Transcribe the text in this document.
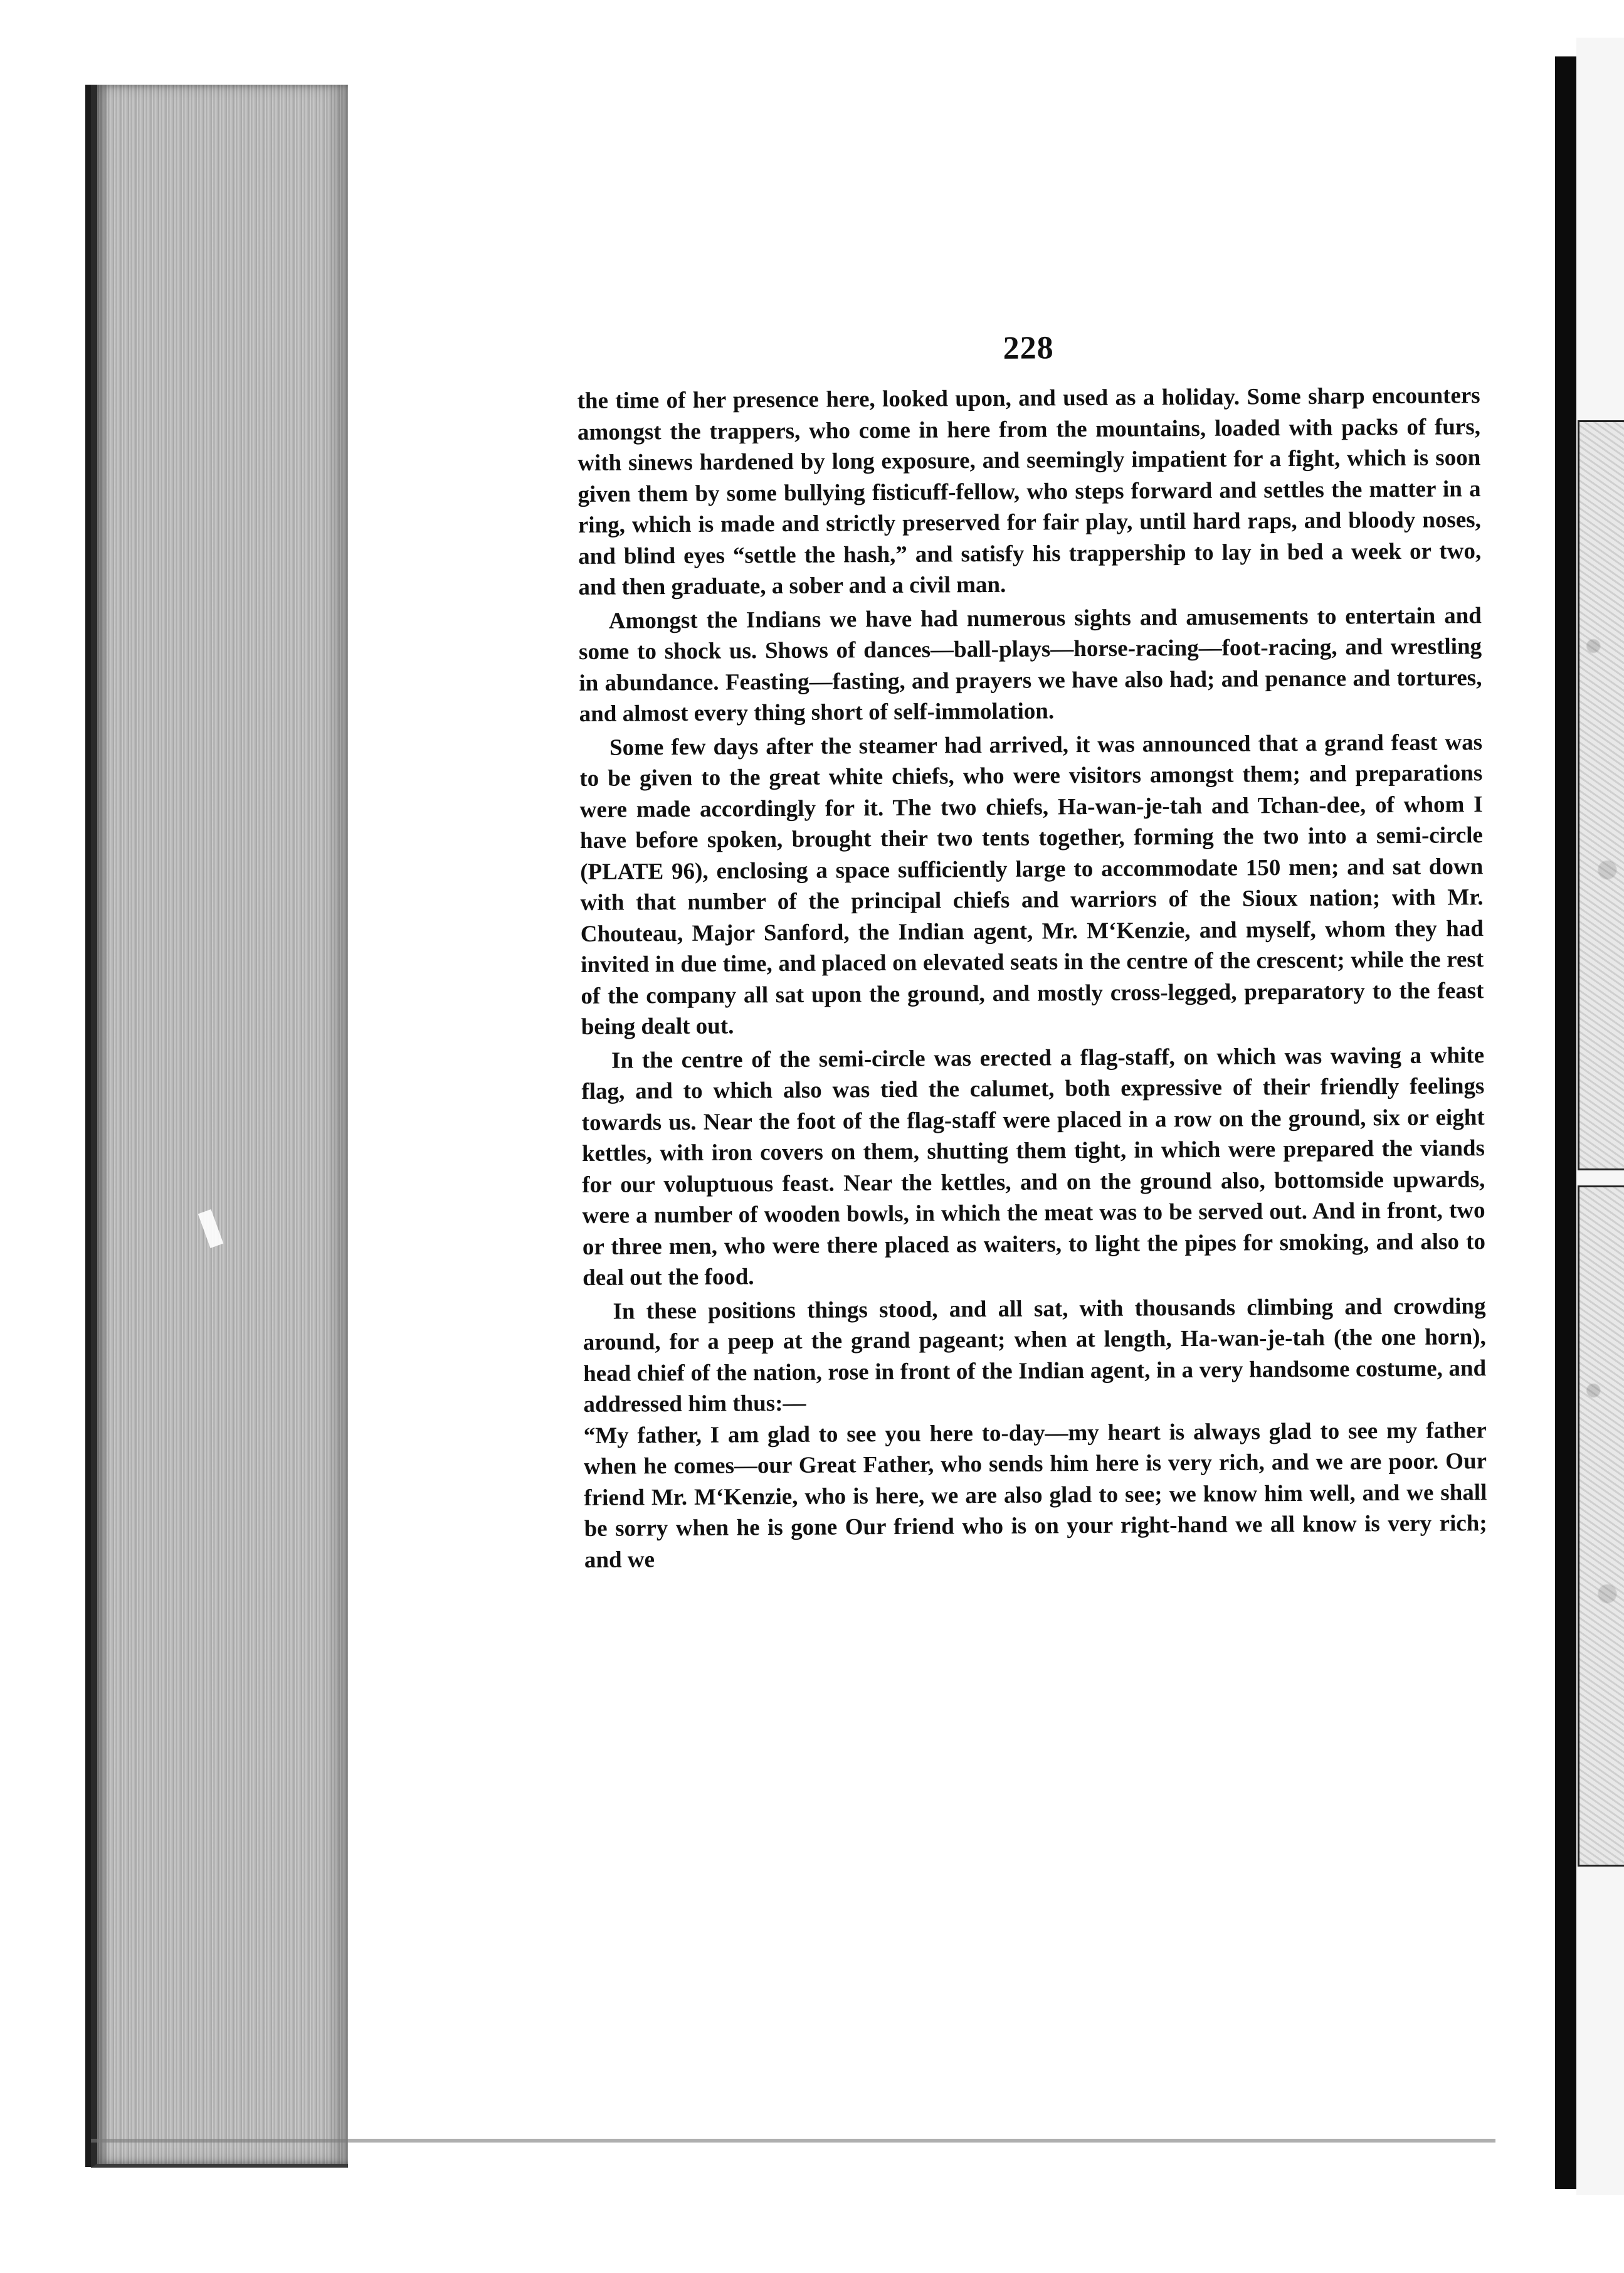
228

the time of her presence here, looked upon, and used as a holiday. Some sharp encounters amongst the trappers, who come in here from the mountains, loaded with packs of furs, with sinews hardened by long exposure, and seemingly impatient for a fight, which is soon given them by some bullying fisticuff-fellow, who steps forward and settles the matter in a ring, which is made and strictly preserved for fair play, until hard raps, and bloody noses, and blind eyes “settle the hash,” and satisfy his trappership to lay in bed a week or two, and then graduate, a sober and a civil man.

Amongst the Indians we have had numerous sights and amusements to entertain and some to shock us. Shows of dances—ball-plays—horse-racing—foot-racing, and wrestling in abundance. Feasting—fasting, and prayers we have also had; and penance and tortures, and almost every thing short of self-immolation.

Some few days after the steamer had arrived, it was announced that a grand feast was to be given to the great white chiefs, who were visitors amongst them; and preparations were made accordingly for it. The two chiefs, Ha-wan-je-tah and Tchan-dee, of whom I have before spoken, brought their two tents together, forming the two into a semi-circle (PLATE 96), enclosing a space sufficiently large to accommodate 150 men; and sat down with that number of the principal chiefs and warriors of the Sioux nation; with Mr. Chouteau, Major Sanford, the Indian agent, Mr. M‘Kenzie, and myself, whom they had invited in due time, and placed on elevated seats in the centre of the crescent; while the rest of the company all sat upon the ground, and mostly cross-legged, preparatory to the feast being dealt out.

In the centre of the semi-circle was erected a flag-staff, on which was waving a white flag, and to which also was tied the calumet, both expressive of their friendly feelings towards us. Near the foot of the flag-staff were placed in a row on the ground, six or eight kettles, with iron covers on them, shutting them tight, in which were prepared the viands for our voluptuous feast. Near the kettles, and on the ground also, bottomside upwards, were a number of wooden bowls, in which the meat was to be served out. And in front, two or three men, who were there placed as waiters, to light the pipes for smoking, and also to deal out the food.

In these positions things stood, and all sat, with thousands climbing and crowding around, for a peep at the grand pageant; when at length, Ha-wan-je-tah (the one horn), head chief of the nation, rose in front of the Indian agent, in a very handsome costume, and addressed him thus:—

“My father, I am glad to see you here to-day—my heart is always glad to see my father when he comes—our Great Father, who sends him here is very rich, and we are poor. Our friend Mr. M‘Kenzie, who is here, we are also glad to see; we know him well, and we shall be sorry when he is gone Our friend who is on your right-hand we all know is very rich; and we
